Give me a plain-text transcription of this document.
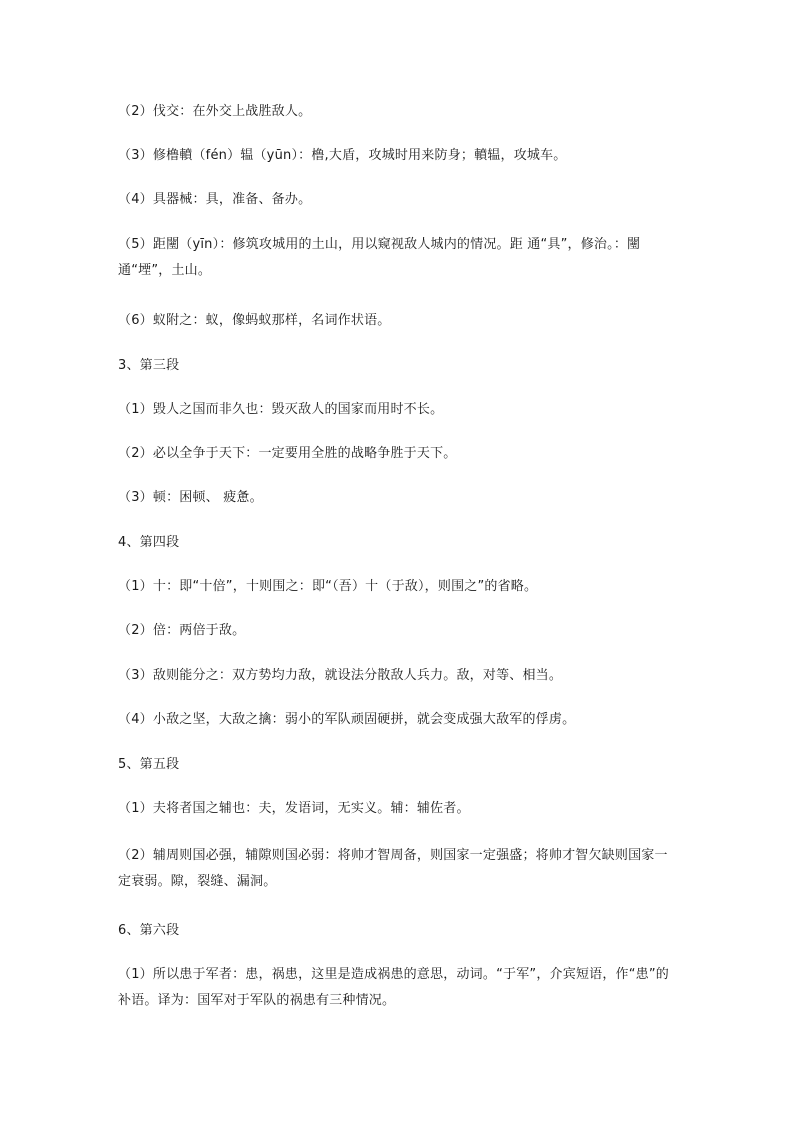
（2）伐交：在外交上战胜敌人。
（3）修橹轒（fén）辒（yūn）：橹,大盾，攻城时用来防身；轒辒，攻城车。
（4）具器械：具，准备、备办。
（5）距闉（yīn）：修筑攻城用的土山，用以窥视敌人城内的情况。距 通“具”，修治。：闉通“堙”，土山。
（6）蚁附之：蚁，像蚂蚁那样，名词作状语。
3、第三段
（1）毁人之国而非久也：毁灭敌人的国家而用时不长。
（2）必以全争于天下：一定要用全胜的战略争胜于天下。
（3）顿：困顿、 疲惫。
4、第四段
（1）十：即“十倍”，十则围之：即“（吾）十（于敌），则围之”的省略。
（2）倍：两倍于敌。
（3）敌则能分之：双方势均力敌，就设法分散敌人兵力。敌，对等、相当。
（4）小敌之坚，大敌之擒：弱小的军队顽固硬拼，就会变成强大敌军的俘虏。
5、第五段
（1）夫将者国之辅也：夫，发语词，无实义。辅：辅佐者。
（2）辅周则国必强，辅隙则国必弱：将帅才智周备，则国家一定强盛；将帅才智欠缺则国家一定衰弱。隙，裂缝、漏洞。
6、第六段
（1）所以患于军者：患，祸患，这里是造成祸患的意思，动词。“于军”，介宾短语，作“患”的补语。译为：国军对于军队的祸患有三种情况。
